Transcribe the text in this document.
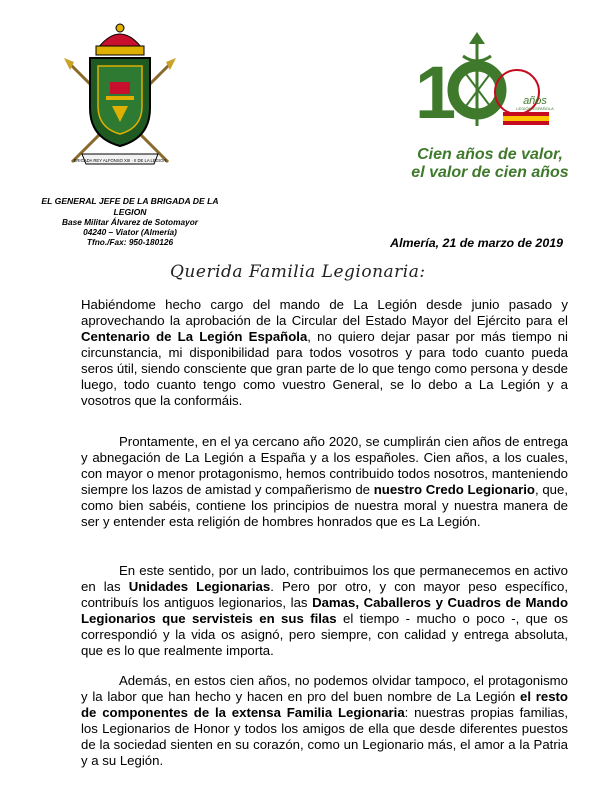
BRIGADA REY ALFONSO XIII · II DE LA LEGIÓN
1	años
LEGIÓN ESPAÑOLA
Cien años de valor,
el valor de cien años
EL GENERAL JEFE DE LA BRIGADA DE LA LEGION
Base Militar Álvarez de Sotomayor
04240 – Viator (Almería)
Tfno./Fax: 950-180126	Almería, 21 de marzo de 2019
Querida Familia Legionaria:
Habiéndome hecho cargo del mando de La Legión desde junio pasado y aprovechando la aprobación de la Circular del Estado Mayor del Ejército para el Centenario de La Legión Española, no quiero dejar pasar por más tiempo ni circunstancia, mi disponibilidad para todos vosotros y para todo cuanto pueda seros útil, siendo consciente que gran parte de lo que tengo como persona y desde luego, todo cuanto tengo como vuestro General, se lo debo a La Legión y a vosotros que la conformáis.
Prontamente, en el ya cercano año 2020, se cumplirán cien años de entrega y abnegación de La Legión a España y a los españoles. Cien años, a los cuales, con mayor o menor protagonismo, hemos contribuido todos nosotros, manteniendo siempre los lazos de amistad y compañerismo de nuestro Credo Legionario, que, como bien sabéis, contiene los principios de nuestra moral y nuestra manera de ser y entender esta religión de hombres honrados que es La Legión.
En este sentido, por un lado, contribuimos los que permanecemos en activo en las Unidades Legionarias. Pero por otro, y con mayor peso específico, contribuís los antiguos legionarios, las Damas, Caballeros y Cuadros de Mando Legionarios que servisteis en sus filas el tiempo - mucho o poco -, que os correspondió y la vida os asignó, pero siempre, con calidad y entrega absoluta, que es lo que realmente importa.
Además, en estos cien años, no podemos olvidar tampoco, el protagonismo y la labor que han hecho y hacen en pro del buen nombre de La Legión el resto de componentes de la extensa Familia Legionaria: nuestras propias familias, los Legionarios de Honor y todos los amigos de ella que desde diferentes puestos de la sociedad sienten en su corazón, como un Legionario más, el amor a la Patria y a su Legión.
